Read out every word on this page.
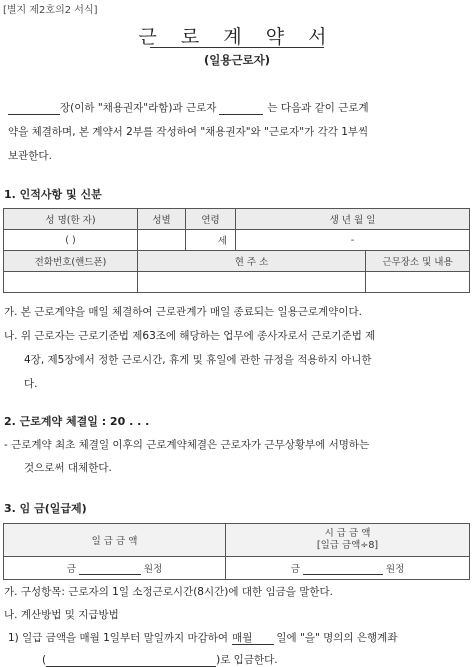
[별지 제2호의2 서식]
근 로 계 약 서
(일용근로자)
장(이하 "채용권자"라함)과 근로자	는 다음과 같이 근로계
약을 체결하며, 본 계약서 2부를 작성하여 "채용권자"와 "근로자"가 각각 1부씩
보관한다.
1. 인적사항 및 신분
성 명(한 자)	성별	연령	생 년 월 일	
( )		세	-	
전화번호(핸드폰)	현 주 소			근무장소 및 내용

가. 본 근로계약을 매일 체결하여 근로관계가 매일 종료되는 일용근로계약이다.
나. 위 근로자는 근로기준법 제63조에 해당하는 업무에 종사자로서 근로기준법 제
4장, 제5장에서 정한 근로시간, 휴게 및 휴일에 관한 규정을 적용하지 아니한
다.
2. 근로계약 체결일 : 20 . . .
- 근로계약 최초 체결일 이후의 근로계약체결은 근로자가 근무상황부에 서명하는
것으로써 대체한다.
3. 임 금(일급제)
일 급 금 액	시 급 금 액
[일급 금액÷8]

금 원정	금 원정
가. 구성항목: 근로자의 1일 소정근로시간(8시간)에 대한 임금을 말한다.
나. 계산방법 및 지급방법
1) 일급 금액을 매월 1일부터 말일까지 마감하여 매월 일에 "을" 명의의 은행계좌
(	)로 입금한다.
